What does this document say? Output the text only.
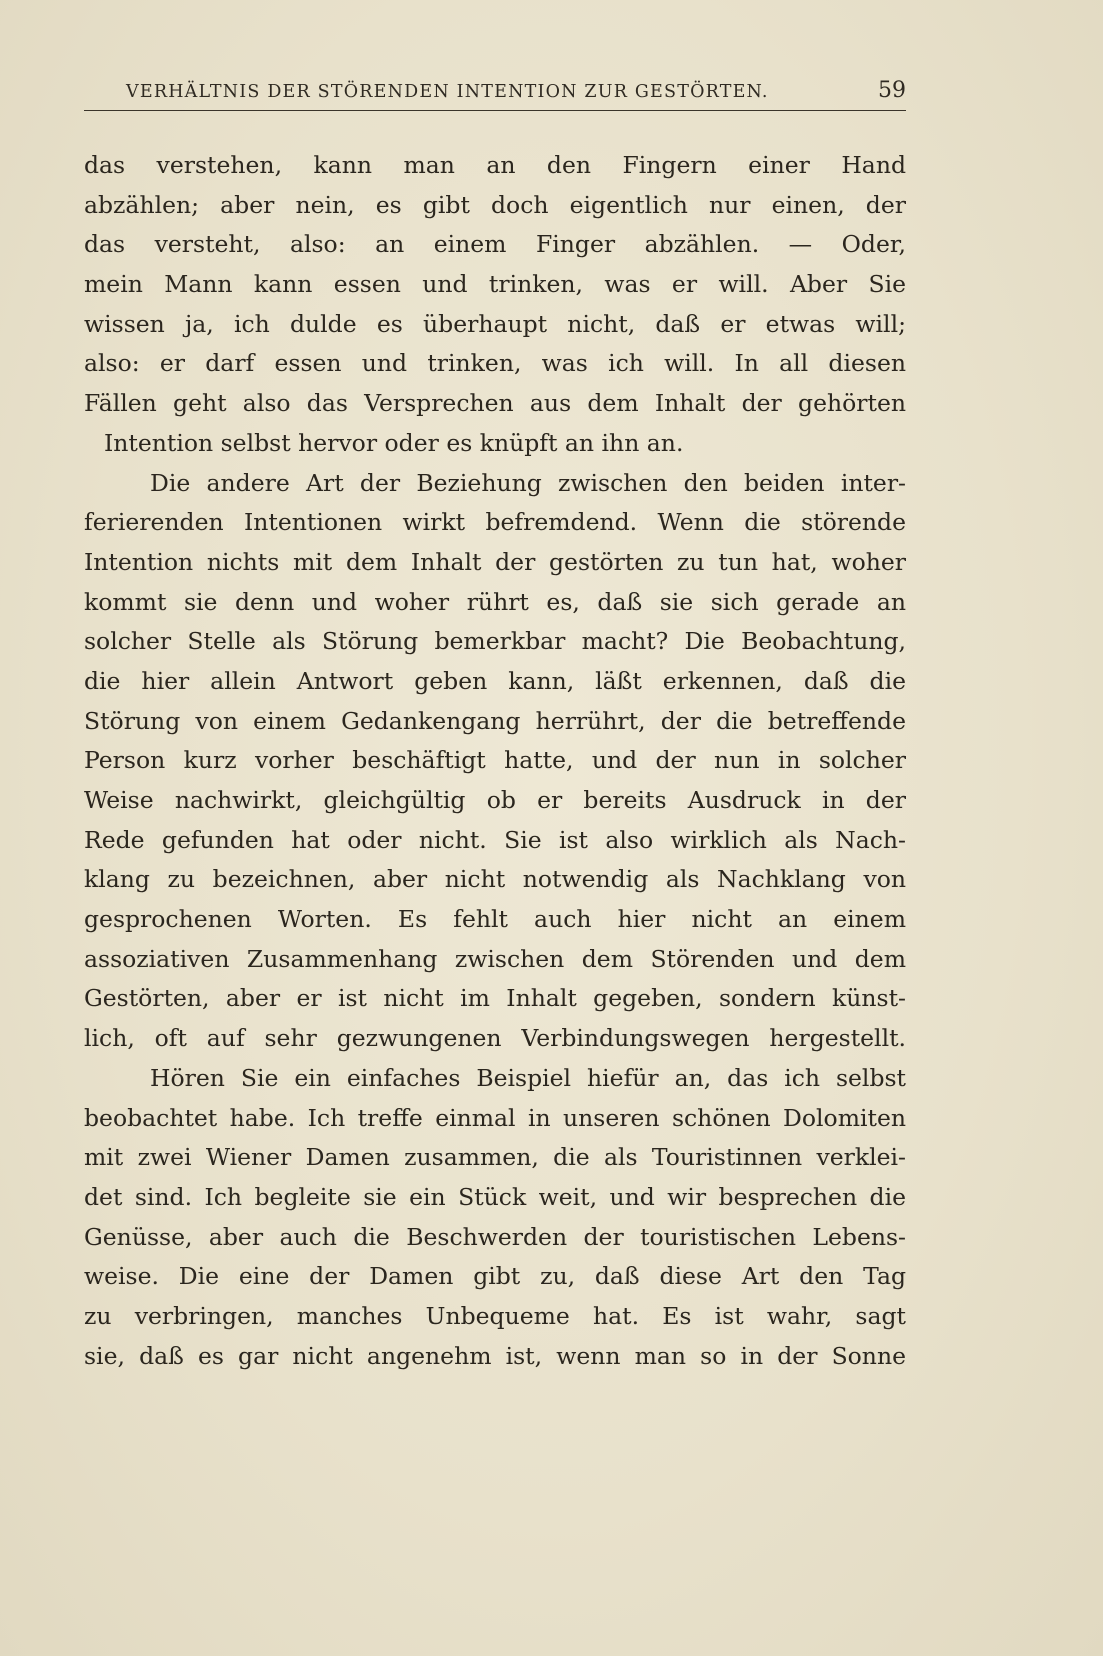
VERHÄLTNIS DER STÖRENDEN INTENTION ZUR GESTÖRTEN.	59
das verstehen, kann man an den Fingern einer Hand
abzählen; aber nein, es gibt doch eigentlich nur einen, der
das versteht, also: an einem Finger abzählen. — Oder,
mein Mann kann essen und trinken, was er will. Aber Sie
wissen ja, ich dulde es überhaupt nicht, daß er etwas will;
also: er darf essen und trinken, was ich will. In all diesen
Fällen geht also das Versprechen aus dem Inhalt der gehörten
Intention selbst hervor oder es knüpft an ihn an.
Die andere Art der Beziehung zwischen den beiden inter-
ferierenden Intentionen wirkt befremdend. Wenn die störende
Intention nichts mit dem Inhalt der gestörten zu tun hat, woher
kommt sie denn und woher rührt es, daß sie sich gerade an
solcher Stelle als Störung bemerkbar macht? Die Beobachtung,
die hier allein Antwort geben kann, läßt erkennen, daß die
Störung von einem Gedankengang herrührt, der die betreffende
Person kurz vorher beschäftigt hatte, und der nun in solcher
Weise nachwirkt, gleichgültig ob er bereits Ausdruck in der
Rede gefunden hat oder nicht. Sie ist also wirklich als Nach-
klang zu bezeichnen, aber nicht notwendig als Nachklang von
gesprochenen Worten. Es fehlt auch hier nicht an einem
assoziativen Zusammenhang zwischen dem Störenden und dem
Gestörten, aber er ist nicht im Inhalt gegeben, sondern künst-
lich, oft auf sehr gezwungenen Verbindungswegen hergestellt.
Hören Sie ein einfaches Beispiel hiefür an, das ich selbst
beobachtet habe. Ich treffe einmal in unseren schönen Dolomiten
mit zwei Wiener Damen zusammen, die als Touristinnen verklei-
det sind. Ich begleite sie ein Stück weit, und wir besprechen die
Genüsse, aber auch die Beschwerden der touristischen Lebens-
weise. Die eine der Damen gibt zu, daß diese Art den Tag
zu verbringen, manches Unbequeme hat. Es ist wahr, sagt
sie, daß es gar nicht angenehm ist, wenn man so in der Sonne
